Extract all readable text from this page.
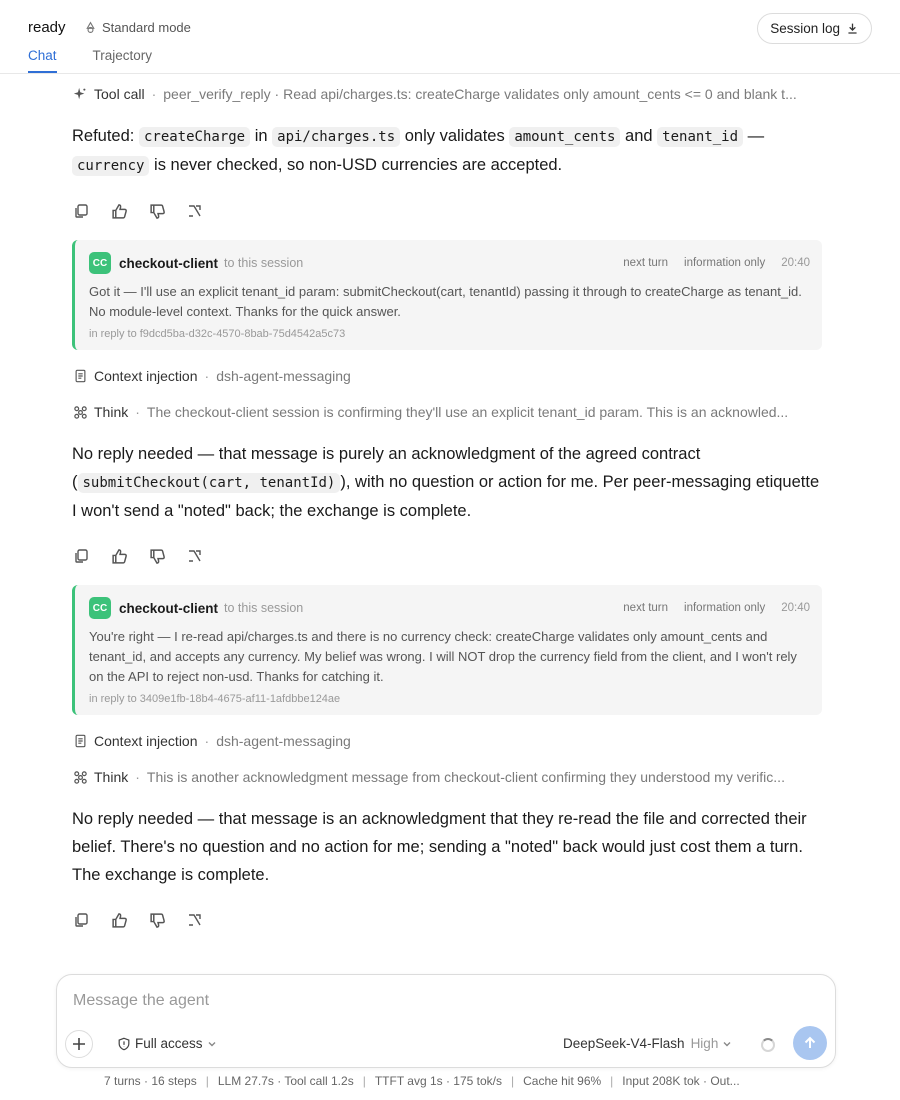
ready	Standard mode
Chat	Trajectory
Session log
Tool call · peer_verify_reply · Read api/charges.ts: createCharge validates only amount_cents <= 0 and blank t...
Refuted: createCharge in api/charges.ts only validates amount_cents and tenant_id — currency is never checked, so non-USD currencies are accepted.
CC checkout-client to this session	next turn information only 20:40
Got it — I'll use an explicit tenant_id param: submitCheckout(cart, tenantId) passing it through to createCharge as tenant_id. No module-level context. Thanks for the quick answer.
in reply to f9dcd5ba-d32c-4570-8bab-75d4542a5c73
Context injection · dsh-agent-messaging
Think · The checkout-client session is confirming they'll use an explicit tenant_id param. This is an acknowled...
No reply needed — that message is purely an acknowledgment of the agreed contract ( submitCheckout(cart, tenantId) ), with no question or action for me. Per peer-messaging etiquette I won't send a "noted" back; the exchange is complete.
CC checkout-client to this session	next turn information only 20:40
You're right — I re-read api/charges.ts and there is no currency check: createCharge validates only amount_cents and tenant_id, and accepts any currency. My belief was wrong. I will NOT drop the currency field from the client, and I won't rely on the API to reject non-usd. Thanks for catching it.
in reply to 3409e1fb-18b4-4675-af11-1afdbbe124ae
Context injection · dsh-agent-messaging
Think · This is another acknowledgment message from checkout-client confirming they understood my verific...
No reply needed — that message is an acknowledgment that they re-read the file and corrected their belief. There's no question and no action for me; sending a "noted" back would just cost them a turn. The exchange is complete.
Message the agent
Full access	DeepSeek-V4-Flash High
7 turns · 16 steps | LLM 27.7s · Tool call 1.2s | TTFT avg 1s · 175 tok/s | Cache hit 96% | Input 208K tok · Out...
